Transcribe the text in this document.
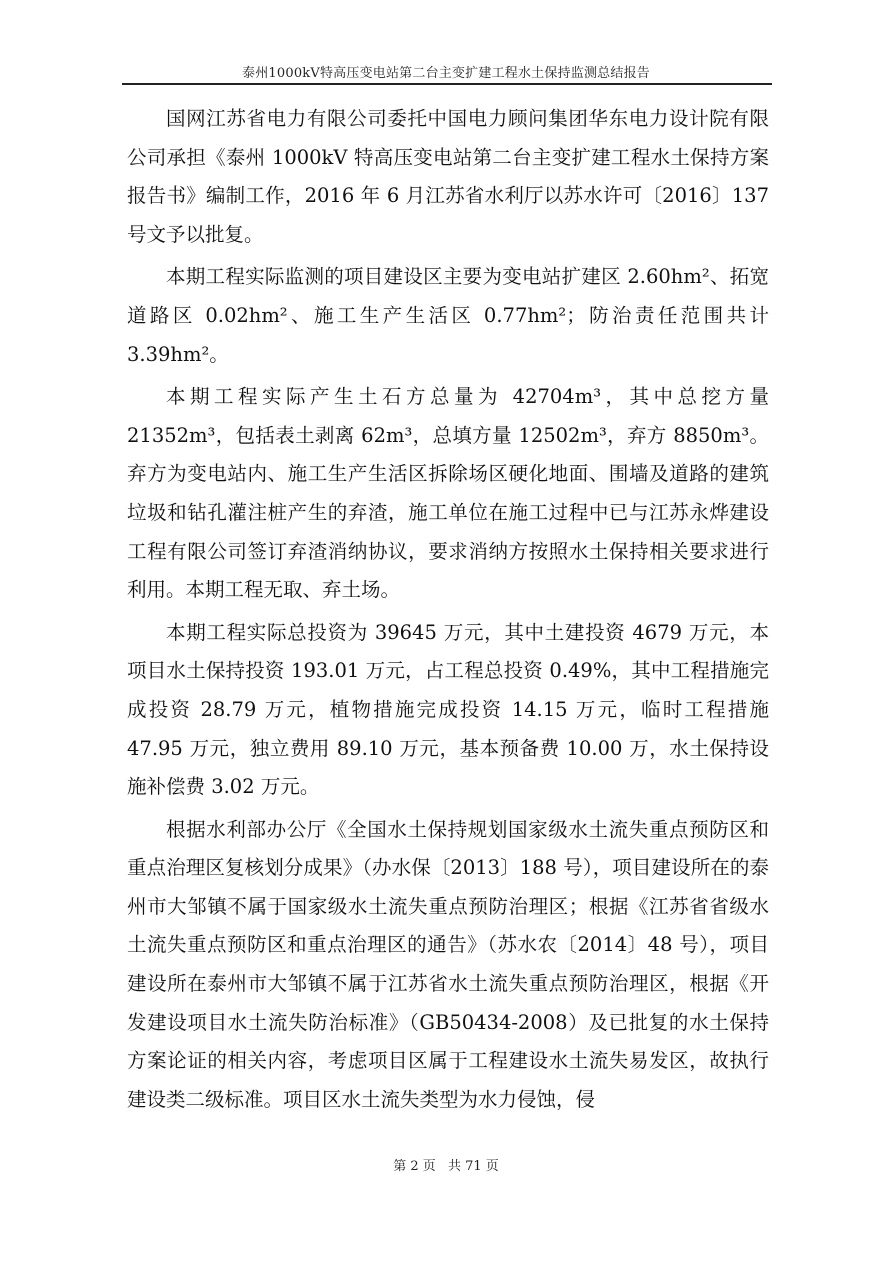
泰州1000kV特高压变电站第二台主变扩建工程水土保持监测总结报告

国网江苏省电力有限公司委托中国电力顾问集团华东电力设计院有限公司承担《泰州 1000kV 特高压变电站第二台主变扩建工程水土保持方案报告书》编制工作，2016 年 6 月江苏省水利厅以苏水许可〔2016〕137 号文予以批复。

本期工程实际监测的项目建设区主要为变电站扩建区 2.60hm²、拓宽道路区 0.02hm²、施工生产生活区 0.77hm²；防治责任范围共计 3.39hm²。

本期工程实际产生土石方总量为 42704m³，其中总挖方量 21352m³，包括表土剥离 62m³，总填方量 12502m³，弃方 8850m³。弃方为变电站内、施工生产生活区拆除场区硬化地面、围墙及道路的建筑垃圾和钻孔灌注桩产生的弃渣，施工单位在施工过程中已与江苏永烨建设工程有限公司签订弃渣消纳协议，要求消纳方按照水土保持相关要求进行利用。本期工程无取、弃土场。

本期工程实际总投资为 39645 万元，其中土建投资 4679 万元，本项目水土保持投资 193.01 万元，占工程总投资 0.49%，其中工程措施完成投资 28.79 万元，植物措施完成投资 14.15 万元，临时工程措施 47.95 万元，独立费用 89.10 万元，基本预备费 10.00 万，水土保持设施补偿费 3.02 万元。

根据水利部办公厅《全国水土保持规划国家级水土流失重点预防区和重点治理区复核划分成果》（办水保〔2013〕188 号），项目建设所在的泰州市大邹镇不属于国家级水土流失重点预防治理区；根据《江苏省省级水土流失重点预防区和重点治理区的通告》（苏水农〔2014〕48 号），项目建设所在泰州市大邹镇不属于江苏省水土流失重点预防治理区，根据《开发建设项目水土流失防治标准》（GB50434-2008）及已批复的水土保持方案论证的相关内容，考虑项目区属于工程建设水土流失易发区，故执行建设类二级标准。项目区水土流失类型为水力侵蚀，侵

第 2 页 共 71 页
